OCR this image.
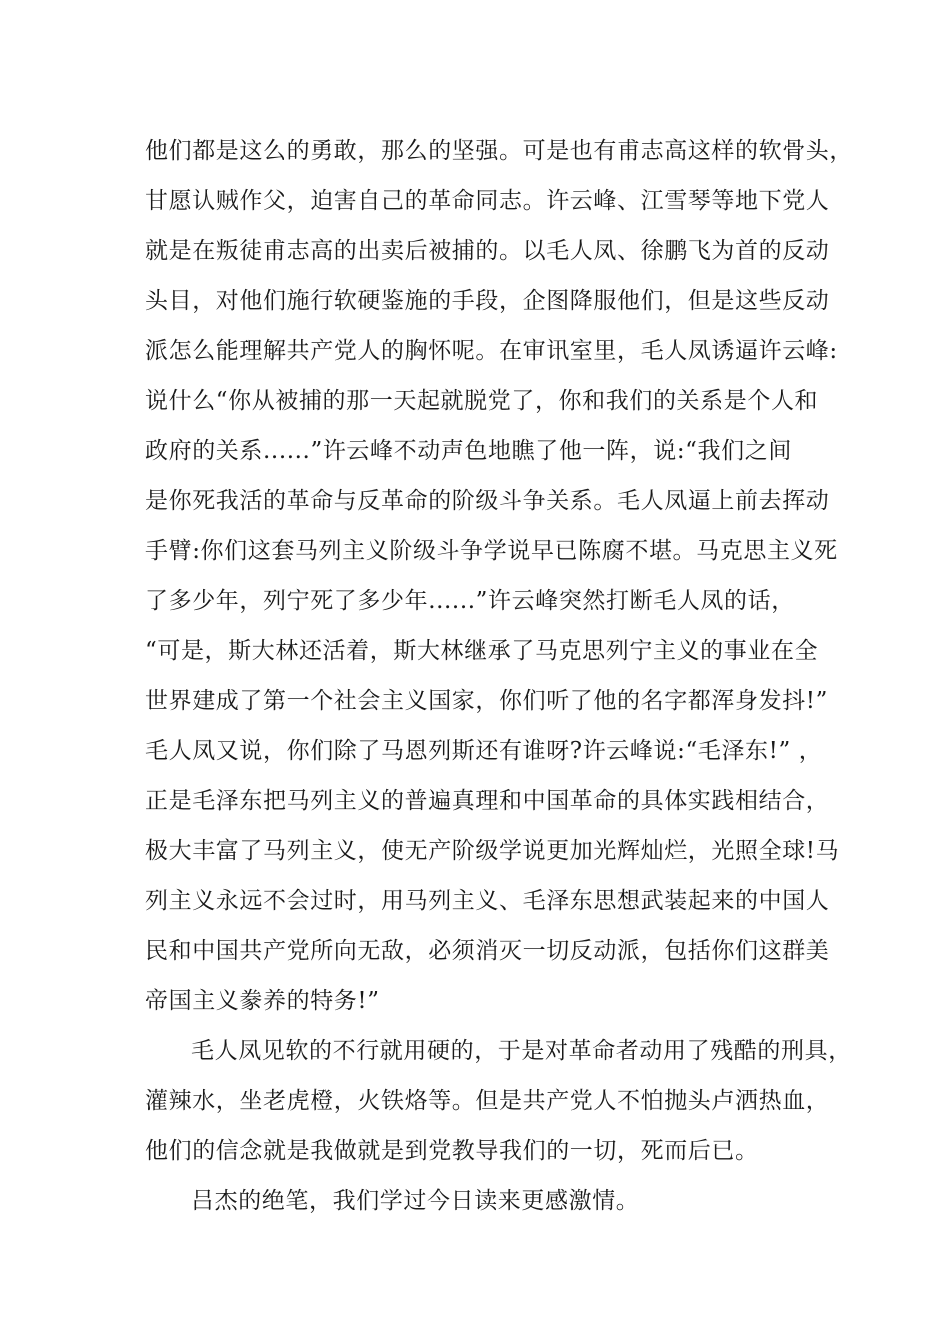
他们都是这么的勇敢，那么的坚强。可是也有甫志高这样的软骨头，
甘愿认贼作父，迫害自己的革命同志。许云峰、江雪琴等地下党人
就是在叛徒甫志高的出卖后被捕的。以毛人凤、徐鹏飞为首的反动
头目，对他们施行软硬鉴施的手段，企图降服他们，但是这些反动
派怎么能理解共产党人的胸怀呢。在审讯室里，毛人凤诱逼许云峰:
说什么“你从被捕的那一天起就脱党了，你和我们的关系是个人和
政府的关系......”许云峰不动声色地瞧了他一阵，说:“我们之间
是你死我活的革命与反革命的阶级斗争关系。毛人凤逼上前去挥动
手臂:你们这套马列主义阶级斗争学说早已陈腐不堪。马克思主义死
了多少年，列宁死了多少年......”许云峰突然打断毛人凤的话，
“可是，斯大林还活着，斯大林继承了马克思列宁主义的事业在全
世界建成了第一个社会主义国家，你们听了他的名字都浑身发抖!”
毛人凤又说，你们除了马恩列斯还有谁呀?许云峰说:“毛泽东!” ，
正是毛泽东把马列主义的普遍真理和中国革命的具体实践相结合，
极大丰富了马列主义，使无产阶级学说更加光辉灿烂，光照全球!马
列主义永远不会过时，用马列主义、毛泽东思想武装起来的中国人
民和中国共产党所向无敌，必须消灭一切反动派，包括你们这群美
帝国主义豢养的特务!”
毛人凤见软的不行就用硬的，于是对革命者动用了残酷的刑具，
灌辣水，坐老虎橙，火铁烙等。但是共产党人不怕抛头卢洒热血，
他们的信念就是我做就是到党教导我们的一切，死而后已。
吕杰的绝笔，我们学过今日读来更感激情。
